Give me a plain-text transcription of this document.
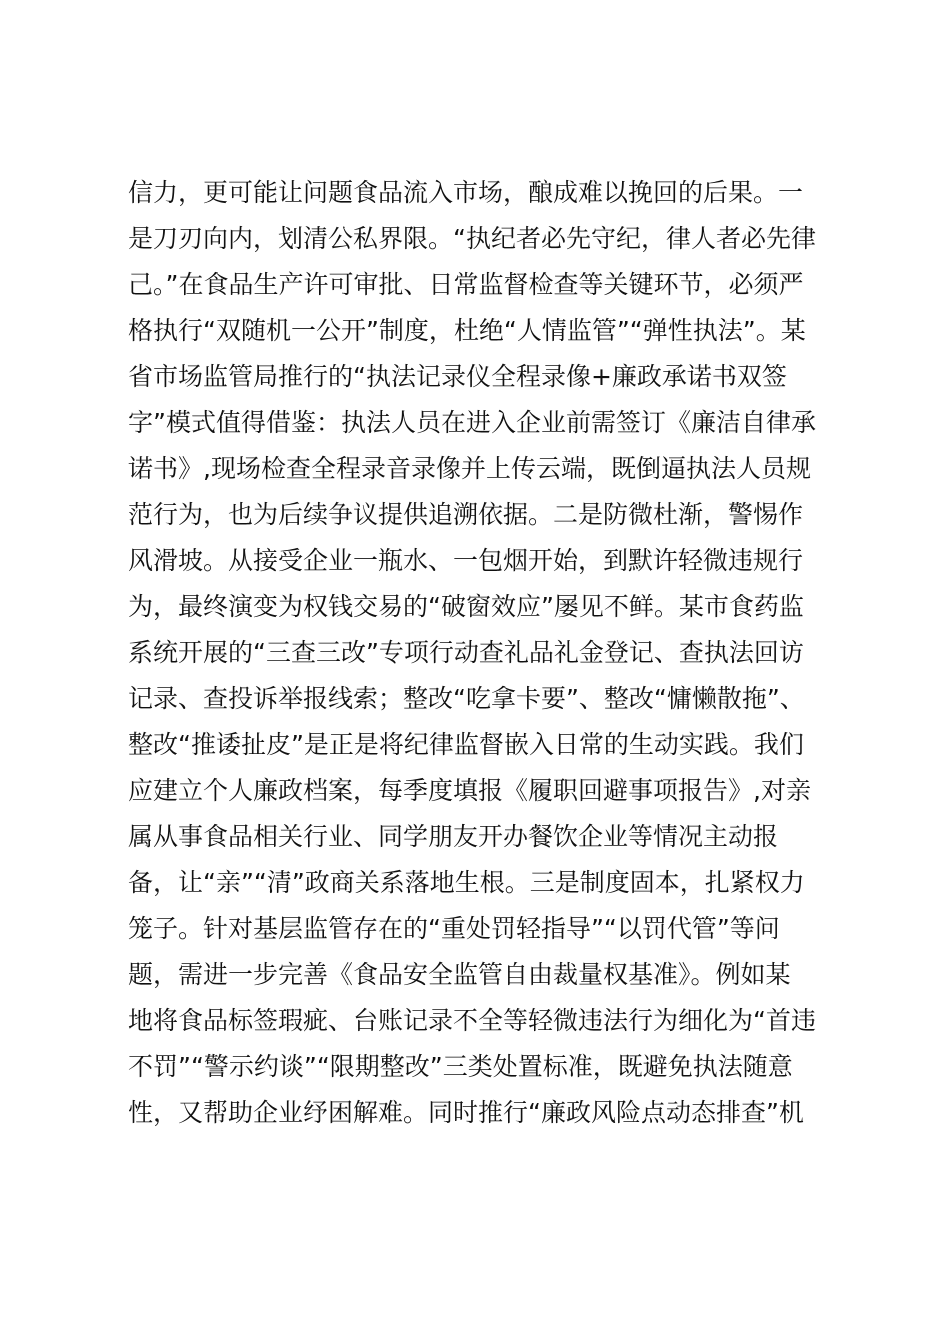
信力，更可能让问题食品流入市场，酿成难以挽回的后果。一
是刀刃向内，划清公私界限。“执纪者必先守纪，律人者必先律
己。”在食品生产许可审批、日常监督检查等关键环节，必须严
格执行“双随机一公开”制度，杜绝“人情监管”“弹性执法”。某
省市场监管局推行的“执法记录仪全程录像+廉政承诺书双签
字”模式值得借鉴：执法人员在进入企业前需签订《廉洁自律承
诺书》,现场检查全程录音录像并上传云端，既倒逼执法人员规
范行为，也为后续争议提供追溯依据。二是防微杜渐，警惕作
风滑坡。从接受企业一瓶水、一包烟开始，到默许轻微违规行
为，最终演变为权钱交易的“破窗效应”屡见不鲜。某市食药监
系统开展的“三查三改”专项行动查礼品礼金登记、查执法回访
记录、查投诉举报线索；整改“吃拿卡要”、整改“慵懒散拖”、
整改“推诿扯皮”是正是将纪律监督嵌入日常的生动实践。我们
应建立个人廉政档案，每季度填报《履职回避事项报告》,对亲
属从事食品相关行业、同学朋友开办餐饮企业等情况主动报
备，让“亲”“清”政商关系落地生根。三是制度固本，扎紧权力
笼子。针对基层监管存在的“重处罚轻指导”“以罚代管”等问
题，需进一步完善《食品安全监管自由裁量权基准》。例如某
地将食品标签瑕疵、台账记录不全等轻微违法行为细化为“首违
不罚”“警示约谈”“限期整改”三类处置标准，既避免执法随意
性，又帮助企业纾困解难。同时推行“廉政风险点动态排查”机
